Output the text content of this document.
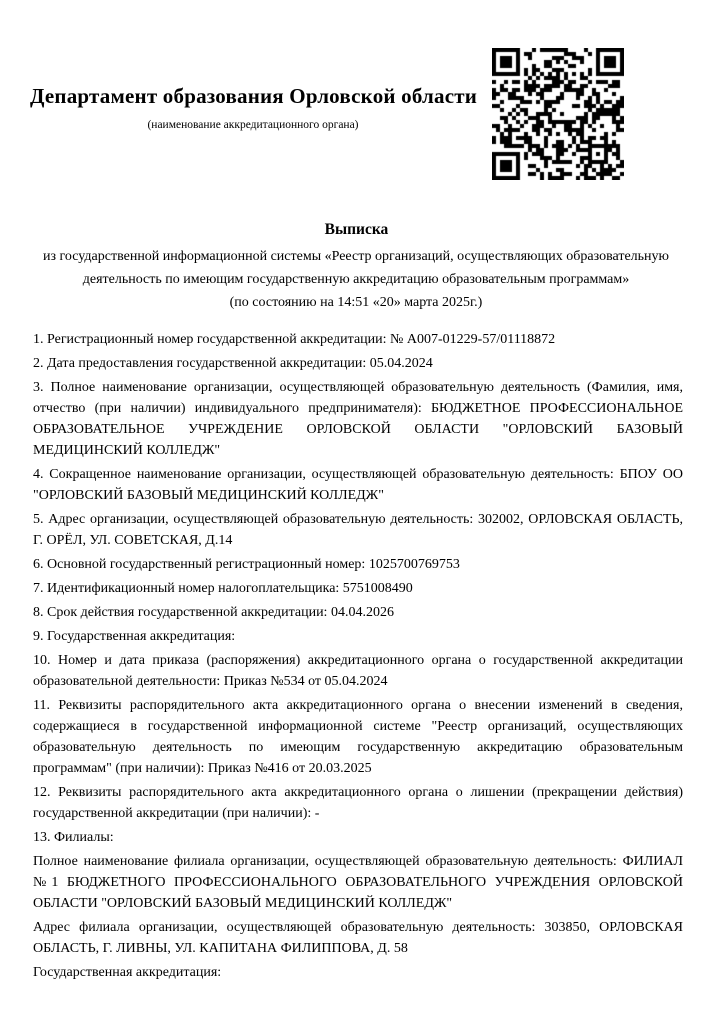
Департамент образования Орловской области

(наименование аккредитационного органа)

Выписка

из государственной информационной системы «Реестр организаций, осуществляющих образовательную деятельность по имеющим государственную аккредитацию образовательным программам»

(по состоянию на 14:51 «20» марта 2025г.)

1. Регистрационный номер государственной аккредитации: № А007-01229-57/01118872

2. Дата предоставления государственной аккредитации: 05.04.2024

3. Полное наименование организации, осуществляющей образовательную деятельность (Фамилия, имя, отчество (при наличии) индивидуального предпринимателя): БЮДЖЕТНОЕ ПРОФЕССИОНАЛЬНОЕ ОБРАЗОВАТЕЛЬНОЕ УЧРЕЖДЕНИЕ ОРЛОВСКОЙ ОБЛАСТИ "ОРЛОВСКИЙ БАЗОВЫЙ МЕДИЦИНСКИЙ КОЛЛЕДЖ"

4. Сокращенное наименование организации, осуществляющей образовательную деятельность: БПОУ ОО "ОРЛОВСКИЙ БАЗОВЫЙ МЕДИЦИНСКИЙ КОЛЛЕДЖ"

5. Адрес организации, осуществляющей образовательную деятельность: 302002, ОРЛОВСКАЯ ОБЛАСТЬ, Г. ОРЁЛ, УЛ. СОВЕТСКАЯ, Д.14

6. Основной государственный регистрационный номер: 1025700769753

7. Идентификационный номер налогоплательщика: 5751008490

8. Срок действия государственной аккредитации: 04.04.2026

9. Государственная аккредитация:

10. Номер и дата приказа (распоряжения) аккредитационного органа о государственной аккредитации образовательной деятельности: Приказ №534 от 05.04.2024

11. Реквизиты распорядительного акта аккредитационного органа о внесении изменений в сведения, содержащиеся в государственной информационной системе "Реестр организаций, осуществляющих образовательную деятельность по имеющим государственную аккредитацию образовательным программам" (при наличии): Приказ №416 от 20.03.2025

12. Реквизиты распорядительного акта аккредитационного органа о лишении (прекращении действия) государственной аккредитации (при наличии): -

13. Филиалы:

Полное наименование филиала организации, осуществляющей образовательную деятельность: ФИЛИАЛ №1 БЮДЖЕТНОГО ПРОФЕССИОНАЛЬНОГО ОБРАЗОВАТЕЛЬНОГО УЧРЕЖДЕНИЯ ОРЛОВСКОЙ ОБЛАСТИ "ОРЛОВСКИЙ БАЗОВЫЙ МЕДИЦИНСКИЙ КОЛЛЕДЖ"

Адрес филиала организации, осуществляющей образовательную деятельность: 303850, ОРЛОВСКАЯ ОБЛАСТЬ, Г. ЛИВНЫ, УЛ. КАПИТАНА ФИЛИППОВА, Д. 58

Государственная аккредитация:
